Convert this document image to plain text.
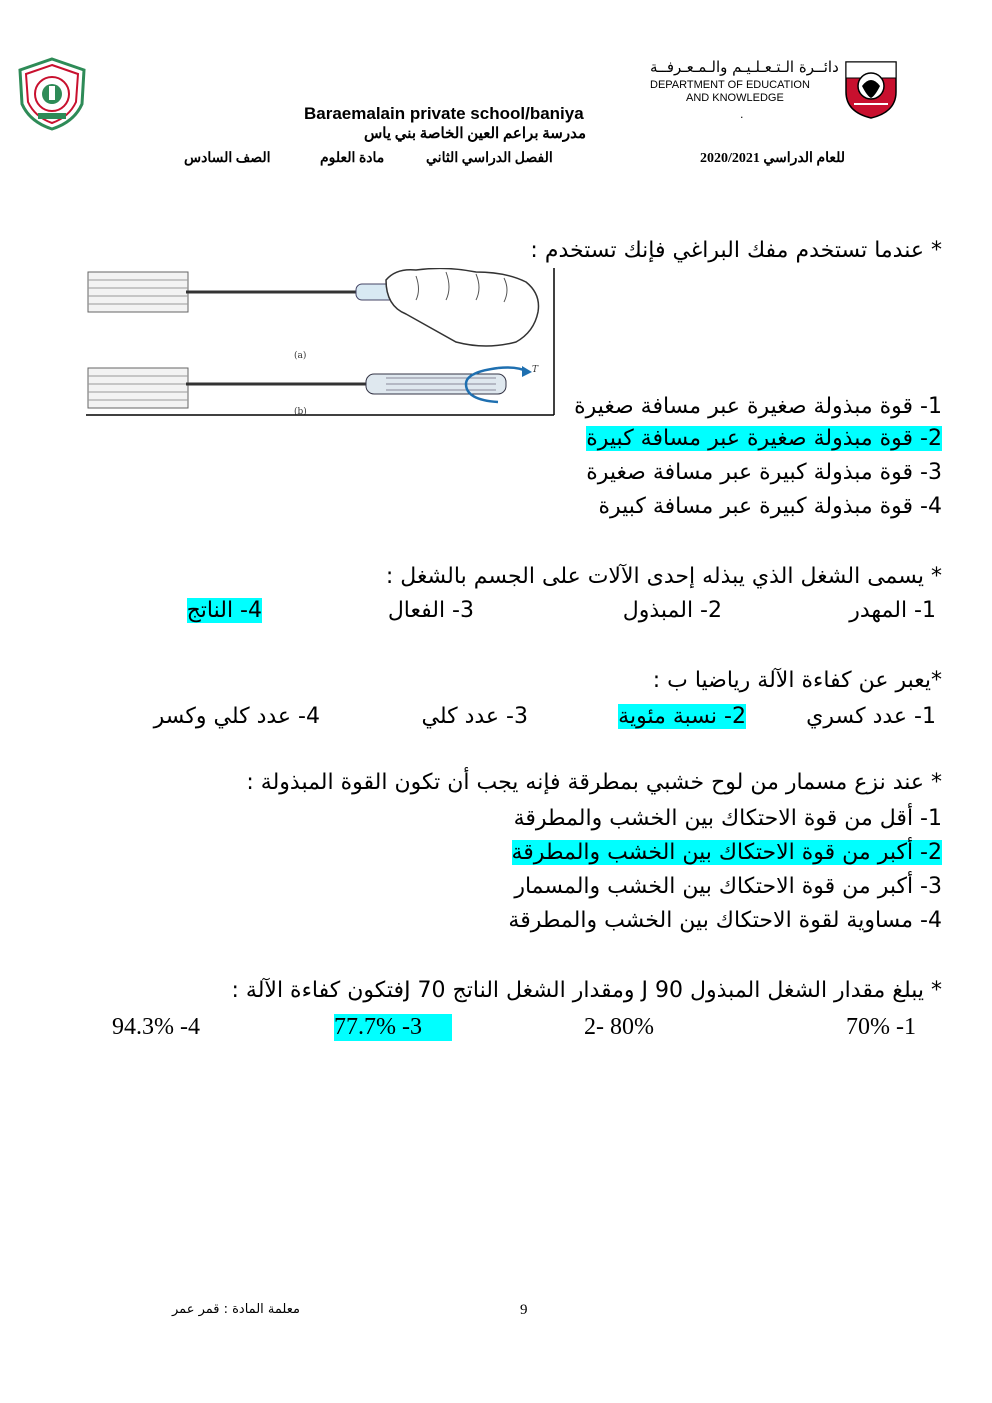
Baraemalain private school/baniya
مدرسة براعم العين الخاصة بني ياس
الصف السادس	مادة العلوم	الفصل الدراسي الثاني	للعام الدراسي 2020/2021
دائــرة الـتـعـلـيـم والـمـعـرفــة
DEPARTMENT OF EDUCATION
AND KNOWLEDGE
.
(a)
T
(b)
* عندما تستخدم مفك البراغي فإنك تستخدم :
1- قوة مبذولة صغيرة عبر مسافة صغيرة
2- قوة مبذولة صغيرة عبر مسافة كبيرة
3- قوة مبذولة كبيرة عبر مسافة صغيرة
4- قوة مبذولة كبيرة عبر مسافة كبيرة
* يسمى الشغل الذي يبذله إحدى الآلات على الجسم بالشغل :
1- المهدر
2- المبذول
3- الفعال
4- الناتج
*يعبر عن كفاءة الآلة رياضيا ب :
1- عدد كسري
2- نسبة مئوية
3- عدد كلي
4- عدد كلي وكسر
* عند نزع مسمار من لوح خشبي بمطرقة فإنه يجب أن تكون القوة المبذولة :
1- أقل من قوة الاحتكاك بين الخشب والمطرقة
2- أكبر من قوة الاحتكاك بين الخشب والمطرقة
3- أكبر من قوة الاحتكاك بين الخشب والمسمار
4- مساوية لقوة الاحتكاك بين الخشب والمطرقة
* يبلغ مقدار الشغل المبذول J 90 ومقدار الشغل الناتج J 70فتكون كفاءة الآلة :
70% -1
2- 80%
77.7% -3
94.3% -4
9
معلمة المادة : قمر عمر
